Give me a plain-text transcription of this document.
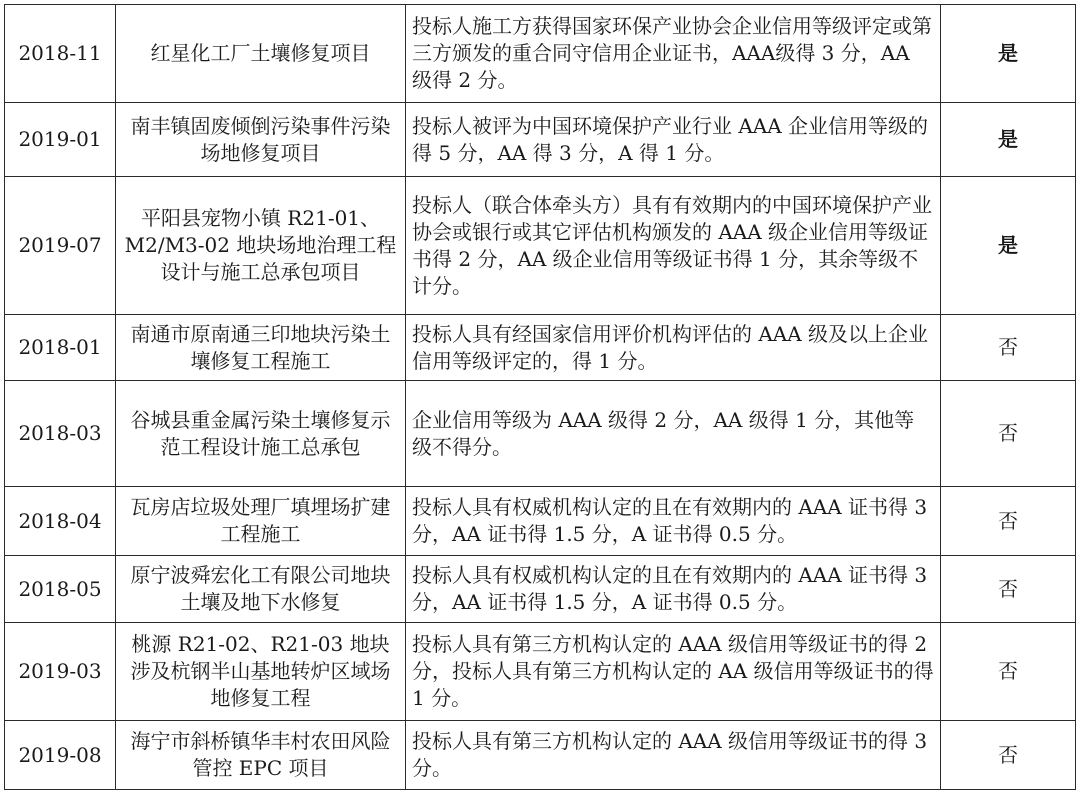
2018-11	红星化工厂土壤修复项目	投标人施工方获得国家环保产业协会企业信用等级评定或第三方颁发的重合同守信用企业证书，AAA级得 3 分，AA 级得 2 分。	是
2019-01	南丰镇固废倾倒污染事件污染场地修复项目	投标人被评为中国环境保护产业行业 AAA 企业信用等级的得 5 分，AA 得 3 分，A 得 1 分。	是
2019-07	平阳县宠物小镇 R21-01、M2/M3-02 地块场地治理工程设计与施工总承包项目	投标人（联合体牵头方）具有有效期内的中国环境保护产业协会或银行或其它评估机构颁发的 AAA 级企业信用等级证书得 2 分，AA 级企业信用等级证书得 1 分，其余等级不计分。	是
2018-01	南通市原南通三印地块污染土壤修复工程施工	投标人具有经国家信用评价机构评估的 AAA 级及以上企业信用等级评定的，得 1 分。	否
2018-03	谷城县重金属污染土壤修复示范工程设计施工总承包	企业信用等级为 AAA 级得 2 分，AA 级得 1 分，其他等级不得分。	否
2018-04	瓦房店垃圾处理厂填埋场扩建工程施工	投标人具有权威机构认定的且在有效期内的 AAA 证书得 3 分，AA 证书得 1.5 分，A 证书得 0.5 分。	否
2018-05	原宁波舜宏化工有限公司地块土壤及地下水修复	投标人具有权威机构认定的且在有效期内的 AAA 证书得 3 分，AA 证书得 1.5 分，A 证书得 0.5 分。	否
2019-03	桃源 R21-02、R21-03 地块涉及杭钢半山基地转炉区域场地修复工程	投标人具有第三方机构认定的 AAA 级信用等级证书的得 2 分，投标人具有第三方机构认定的 AA 级信用等级证书的得 1 分。	否
2019-08	海宁市斜桥镇华丰村农田风险管控 EPC 项目	投标人具有第三方机构认定的 AAA 级信用等级证书的得 3 分。	否
